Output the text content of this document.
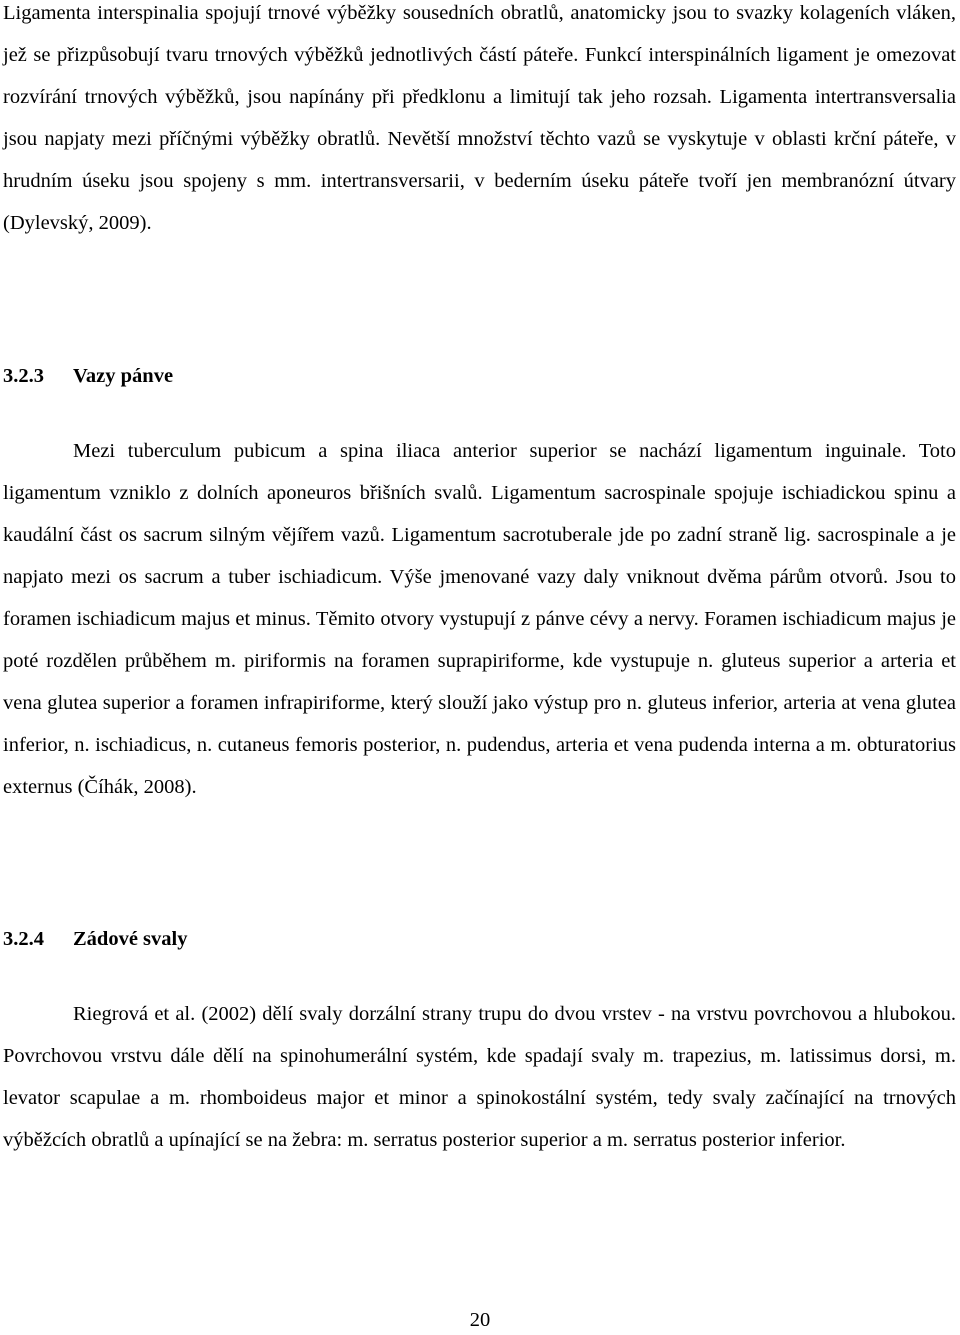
Ligamenta interspinalia spojují trnové výběžky sousedních obratlů, anatomicky jsou to svazky kolageních vláken, jež se přizpůsobují tvaru trnových výběžků jednotlivých částí páteře. Funkcí interspinálních ligament je omezovat rozvírání trnových výběžků, jsou napínány při předklonu a limitují tak jeho rozsah. Ligamenta intertransversalia jsou napjaty mezi příčnými výběžky obratlů. Nevětší množství těchto vazů se vyskytuje v oblasti krční páteře, v hrudním úseku jsou spojeny s mm. intertransversarii, v bederním úseku páteře tvoří jen membranózní útvary (Dylevský, 2009).

3.2.3 Vazy pánve

Mezi tuberculum pubicum a spina iliaca anterior superior se nachází ligamentum inguinale. Toto ligamentum vzniklo z dolních aponeuros břišních svalů. Ligamentum sacrospinale spojuje ischiadickou spinu a kaudální část os sacrum silným vějířem vazů. Ligamentum sacrotuberale jde po zadní straně lig. sacrospinale a je napjato mezi os sacrum a tuber ischiadicum. Výše jmenované vazy daly vniknout dvěma párům otvorů. Jsou to foramen ischiadicum majus et minus. Těmito otvory vystupují z pánve cévy a nervy. Foramen ischiadicum majus je poté rozdělen průběhem m. piriformis na foramen suprapiriforme, kde vystupuje n. gluteus superior a arteria et vena glutea superior a foramen infrapiriforme, který slouží jako výstup pro n. gluteus inferior, arteria at vena glutea inferior, n. ischiadicus, n. cutaneus femoris posterior, n. pudendus, arteria et vena pudenda interna a m. obturatorius externus (Číhák, 2008).

3.2.4 Zádové svaly

Riegrová et al. (2002) dělí svaly dorzální strany trupu do dvou vrstev - na vrstvu povrchovou a hlubokou. Povrchovou vrstvu dále dělí na spinohumerální systém, kde spadají svaly m. trapezius, m. latissimus dorsi, m. levator scapulae a m. rhomboideus major et minor a spinokostální systém, tedy svaly začínající na trnových výběžcích obratlů a upínající se na žebra: m. serratus posterior superior a m. serratus posterior inferior.

20
